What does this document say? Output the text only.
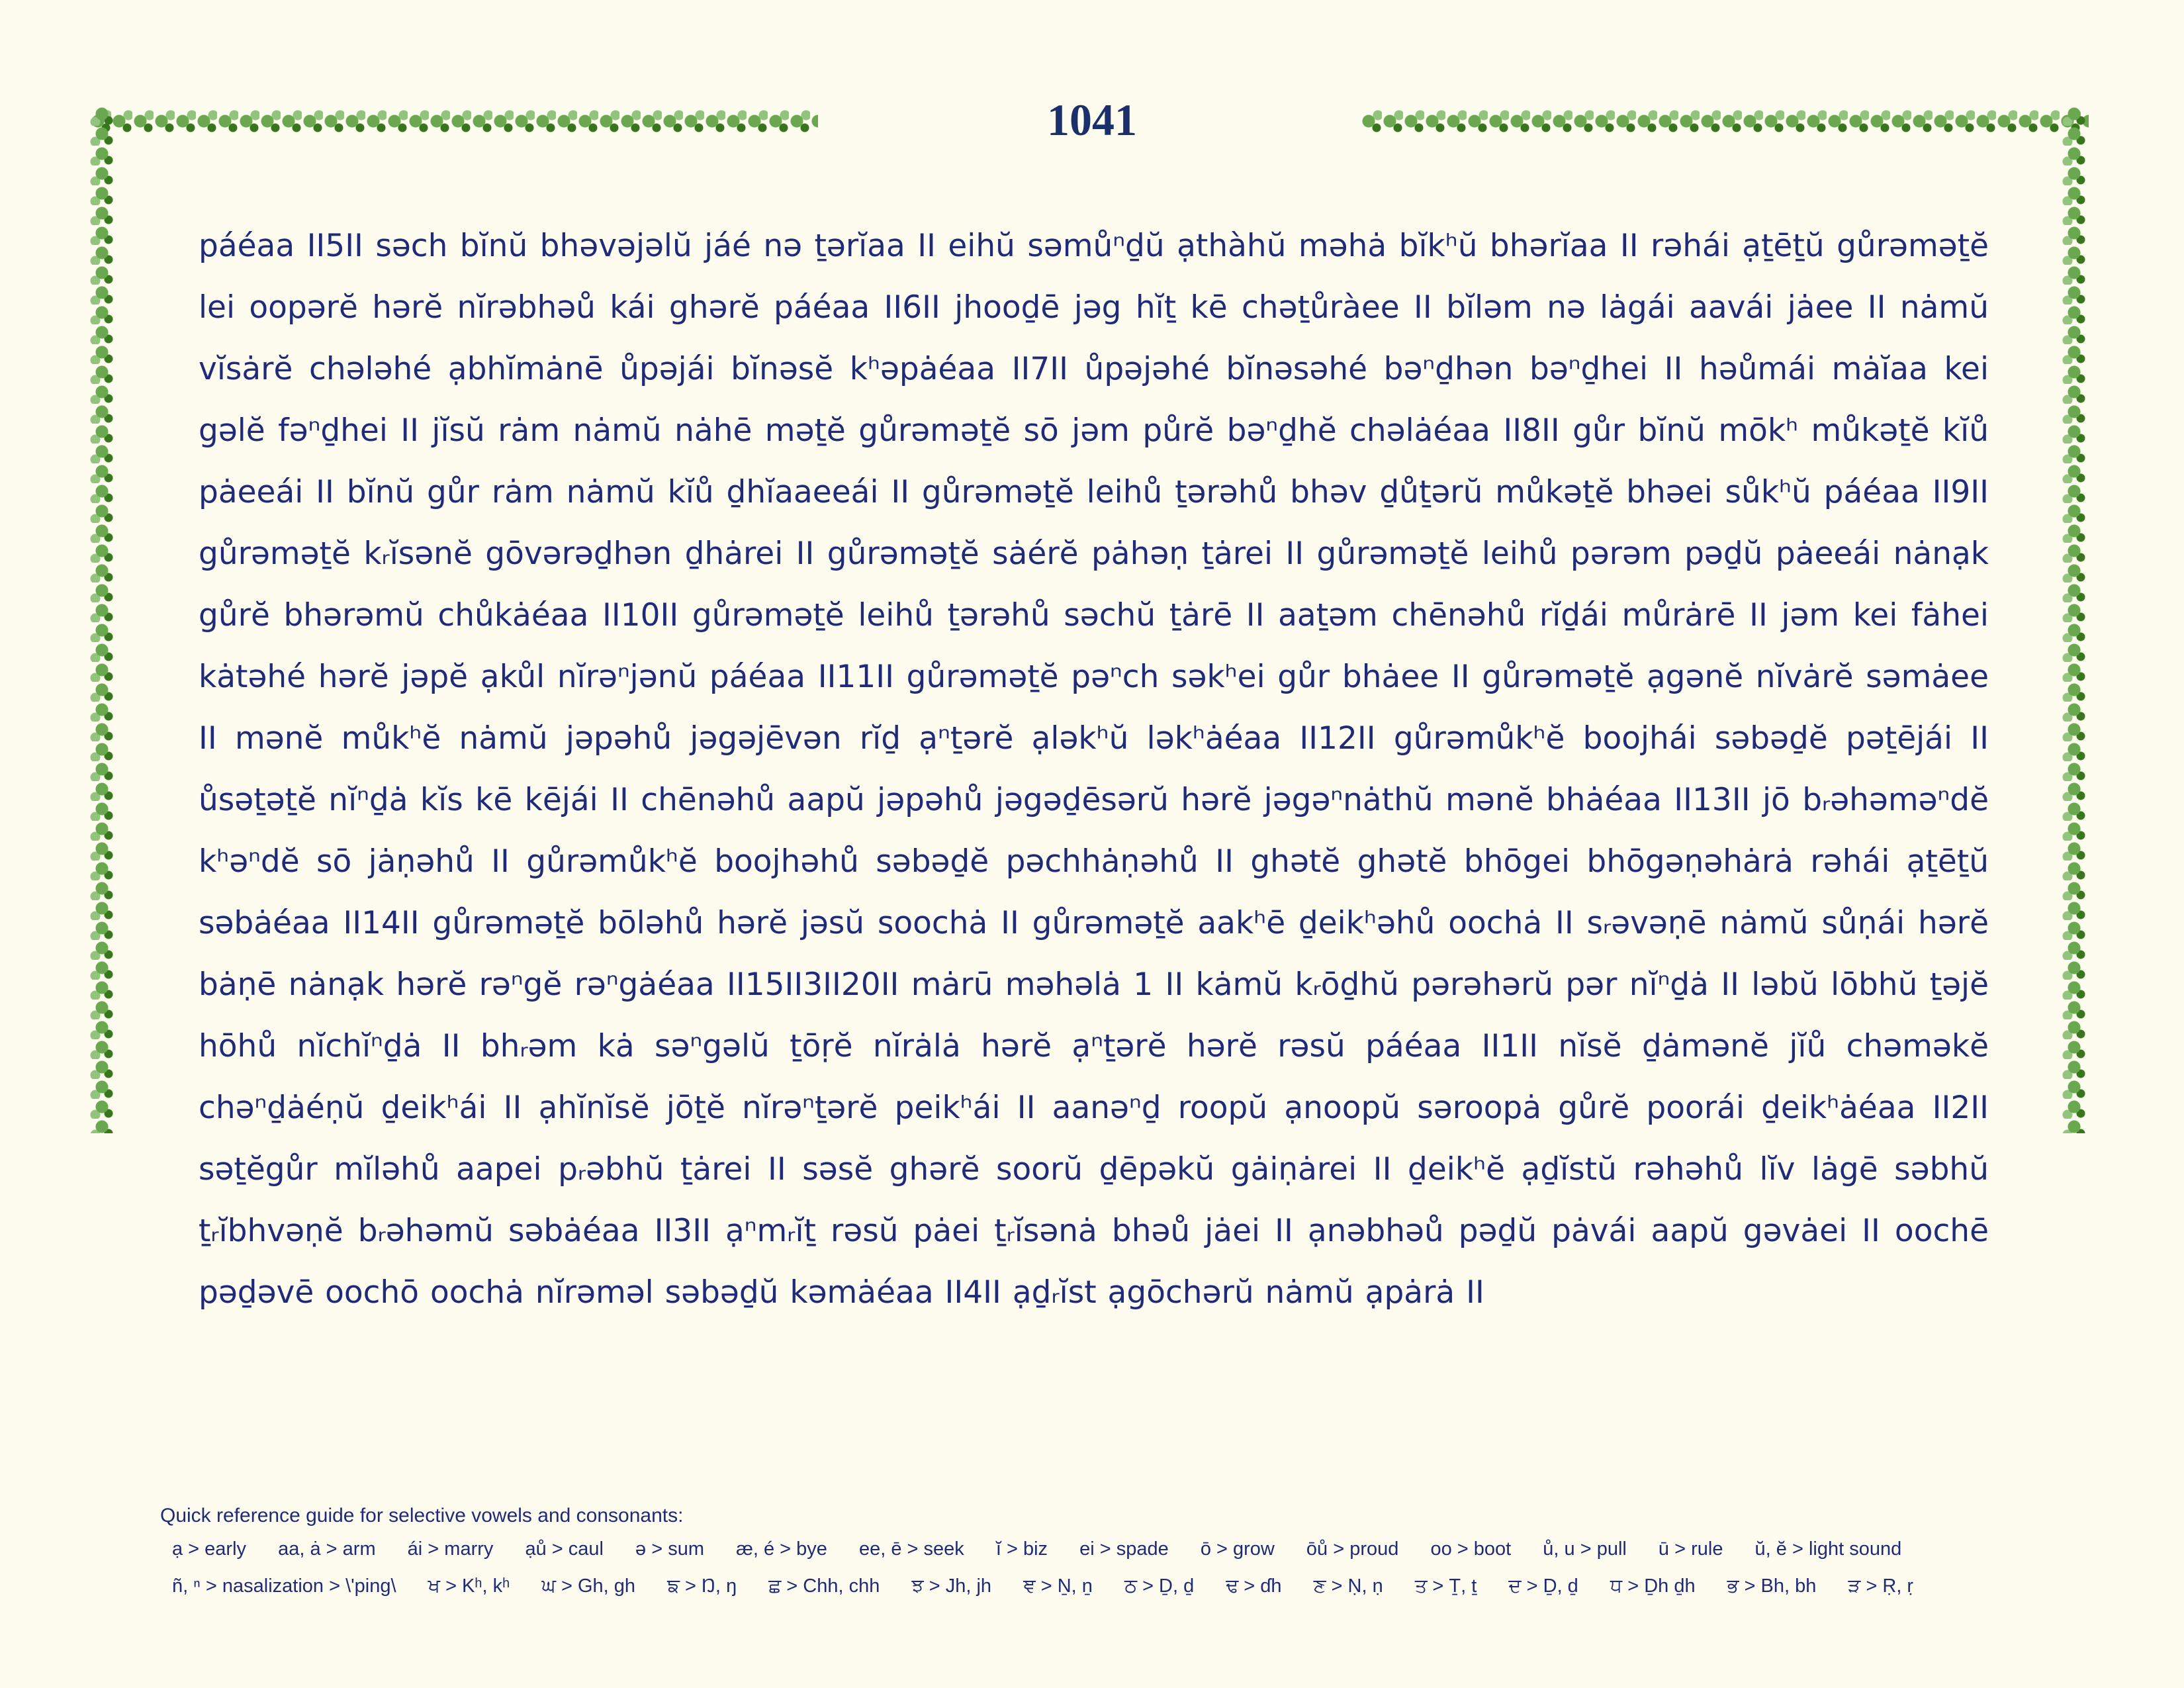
1041
páéaa II5II sǝch bĭnŭ bhǝvǝjǝlŭ jáé nǝ ṯǝrĭaa II eihŭ sǝmůⁿḏŭ ạthàhŭ mǝhȧ bĭkʰŭ bhǝrĭaa II rǝhái ạṯēṯŭ gůrǝmǝṯĕ lei oopǝrĕ hǝrĕ nĭrǝbhǝů kái ghǝrĕ páéaa II6II jhooḏē jǝg hĭṯ kē chǝṯůràee II bĭlǝm nǝ lȧgái aavái jȧee II nȧmŭ vĭsȧrĕ chǝlǝhé ạbhĭmȧnē ůpǝjái bĭnǝsĕ kʰǝpȧéaa II7II ůpǝjǝhé bĭnǝsǝhé bǝⁿḏhǝn bǝⁿḏhei II hǝůmái mȧĭaa kei gǝlĕ fǝⁿḏhei II jĭsŭ rȧm nȧmŭ nȧhē mǝṯĕ gůrǝmǝṯĕ sō jǝm půrĕ bǝⁿḏhĕ chǝlȧéaa II8II gůr bĭnŭ mōkʰ můkǝṯĕ kĭů pȧeeái II bĭnŭ gůr rȧm nȧmŭ kĭů ḏhĭaaeeái II gůrǝmǝṯĕ leihů ṯǝrǝhů bhǝv ḏůṯǝrŭ můkǝṯĕ bhǝei sůkʰŭ páéaa II9II gůrǝmǝṯĕ kᵣĭsǝnĕ gōvǝrǝḏhǝn ḏhȧrei II gůrǝmǝṯĕ sȧérĕ pȧhǝṇ ṯȧrei II gůrǝmǝṯĕ leihů pǝrǝm pǝḏŭ pȧeeái nȧnạk gůrĕ bhǝrǝmŭ chůkȧéaa II10II gůrǝmǝṯĕ leihů ṯǝrǝhů sǝchŭ ṯȧrē II aaṯǝm chēnǝhů rĭḏái můrȧrē II jǝm kei fȧhei kȧtǝhé hǝrĕ jǝpĕ ạkůl nĭrǝⁿjǝnŭ páéaa II11II gůrǝmǝṯĕ pǝⁿch sǝkʰei gůr bhȧee II gůrǝmǝṯĕ ạgǝnĕ nĭvȧrĕ sǝmȧee II mǝnĕ můkʰĕ nȧmŭ jǝpǝhů jǝgǝjēvǝn rĭḏ ạⁿṯǝrĕ ạlǝkʰŭ lǝkʰȧéaa II12II gůrǝmůkʰĕ boojhái sǝbǝḏĕ pǝṯējái II ůsǝṯǝṯĕ nĭⁿḏȧ kĭs kē kējái II chēnǝhů aapŭ jǝpǝhů jǝgǝḏēsǝrŭ hǝrĕ jǝgǝⁿnȧthŭ mǝnĕ bhȧéaa II13II jō bᵣǝhǝmǝⁿdĕ kʰǝⁿdĕ sō jȧṇǝhů II gůrǝmůkʰĕ boojhǝhů sǝbǝḏĕ pǝchhȧṇǝhů II ghǝtĕ ghǝtĕ bhōgei bhōgǝṇǝhȧrȧ rǝhái ạṯēṯŭ sǝbȧéaa II14II gůrǝmǝṯĕ bōlǝhů hǝrĕ jǝsŭ soochȧ II gůrǝmǝṯĕ aakʰē ḏeikʰǝhů oochȧ II sᵣǝvǝṇē nȧmŭ sůṇái hǝrĕ bȧṇē nȧnạk hǝrĕ rǝⁿgĕ rǝⁿgȧéaa II15II3II20II mȧrū mǝhǝlȧ 1 II kȧmŭ kᵣōḏhŭ pǝrǝhǝrŭ pǝr nĭⁿḏȧ II lǝbŭ lōbhŭ ṯǝjĕ hōhů nĭchĭⁿḏȧ II bhᵣǝm kȧ sǝⁿgǝlŭ ṯōṛĕ nĭrȧlȧ hǝrĕ ạⁿṯǝrĕ hǝrĕ rǝsŭ páéaa II1II nĭsĕ ḏȧmǝnĕ jĭů chǝmǝkĕ chǝⁿḏȧéṇŭ ḏeikʰái II ạhĭnĭsĕ jōṯĕ nĭrǝⁿṯǝrĕ peikʰái II aanǝⁿḏ roopŭ ạnoopŭ sǝroopȧ gůrĕ poorái ḏeikʰȧéaa II2II sǝṯĕgůr mĭlǝhů aapei pᵣǝbhŭ ṯȧrei II sǝsĕ ghǝrĕ soorŭ ḏēpǝkŭ gȧiṇȧrei II ḏeikʰĕ ạḏĭstŭ rǝhǝhů lĭv lȧgē sǝbhŭ ṯᵣĭbhvǝṇĕ bᵣǝhǝmŭ sǝbȧéaa II3II ạⁿmᵣĭṯ rǝsŭ pȧei ṯᵣĭsǝnȧ bhǝů jȧei II ạnǝbhǝů pǝḏŭ pȧvái aapŭ gǝvȧei II oochē pǝḏǝvē oochō oochȧ nĭrǝmǝl sǝbǝḏŭ kǝmȧéaa II4II ạḏᵣĭst ạgōchǝrŭ nȧmŭ ạpȧrȧ II
Quick reference guide for selective vowels and consonants:
ạ > early aa, ȧ > arm ái > marry ạů > caul ǝ > sum æ, é > bye ee, ē > seek ĭ > biz ei > spade ō > grow ōů > proud oo > boot ů, u > pull ū > rule ŭ, ĕ > light sound
ñ, ⁿ > nasalization > \'ping\ ਖ > Kʰ, kʰ ਘ > Gh, gh ਙ > Ŋ, ŋ ਛ > Chh, chh ਝ > Jh, jh ਞ > Ṉ, ṉ ਠ > Ḏ, ḏ ਢ > ɗh ਣ > Ṇ, ṇ ਤ > Ṯ, ṯ ਦ > Ḏ, ḏ ਧ > Ḏh ḏh ਭ > Bh, bh ੜ > Ṛ, ṛ
